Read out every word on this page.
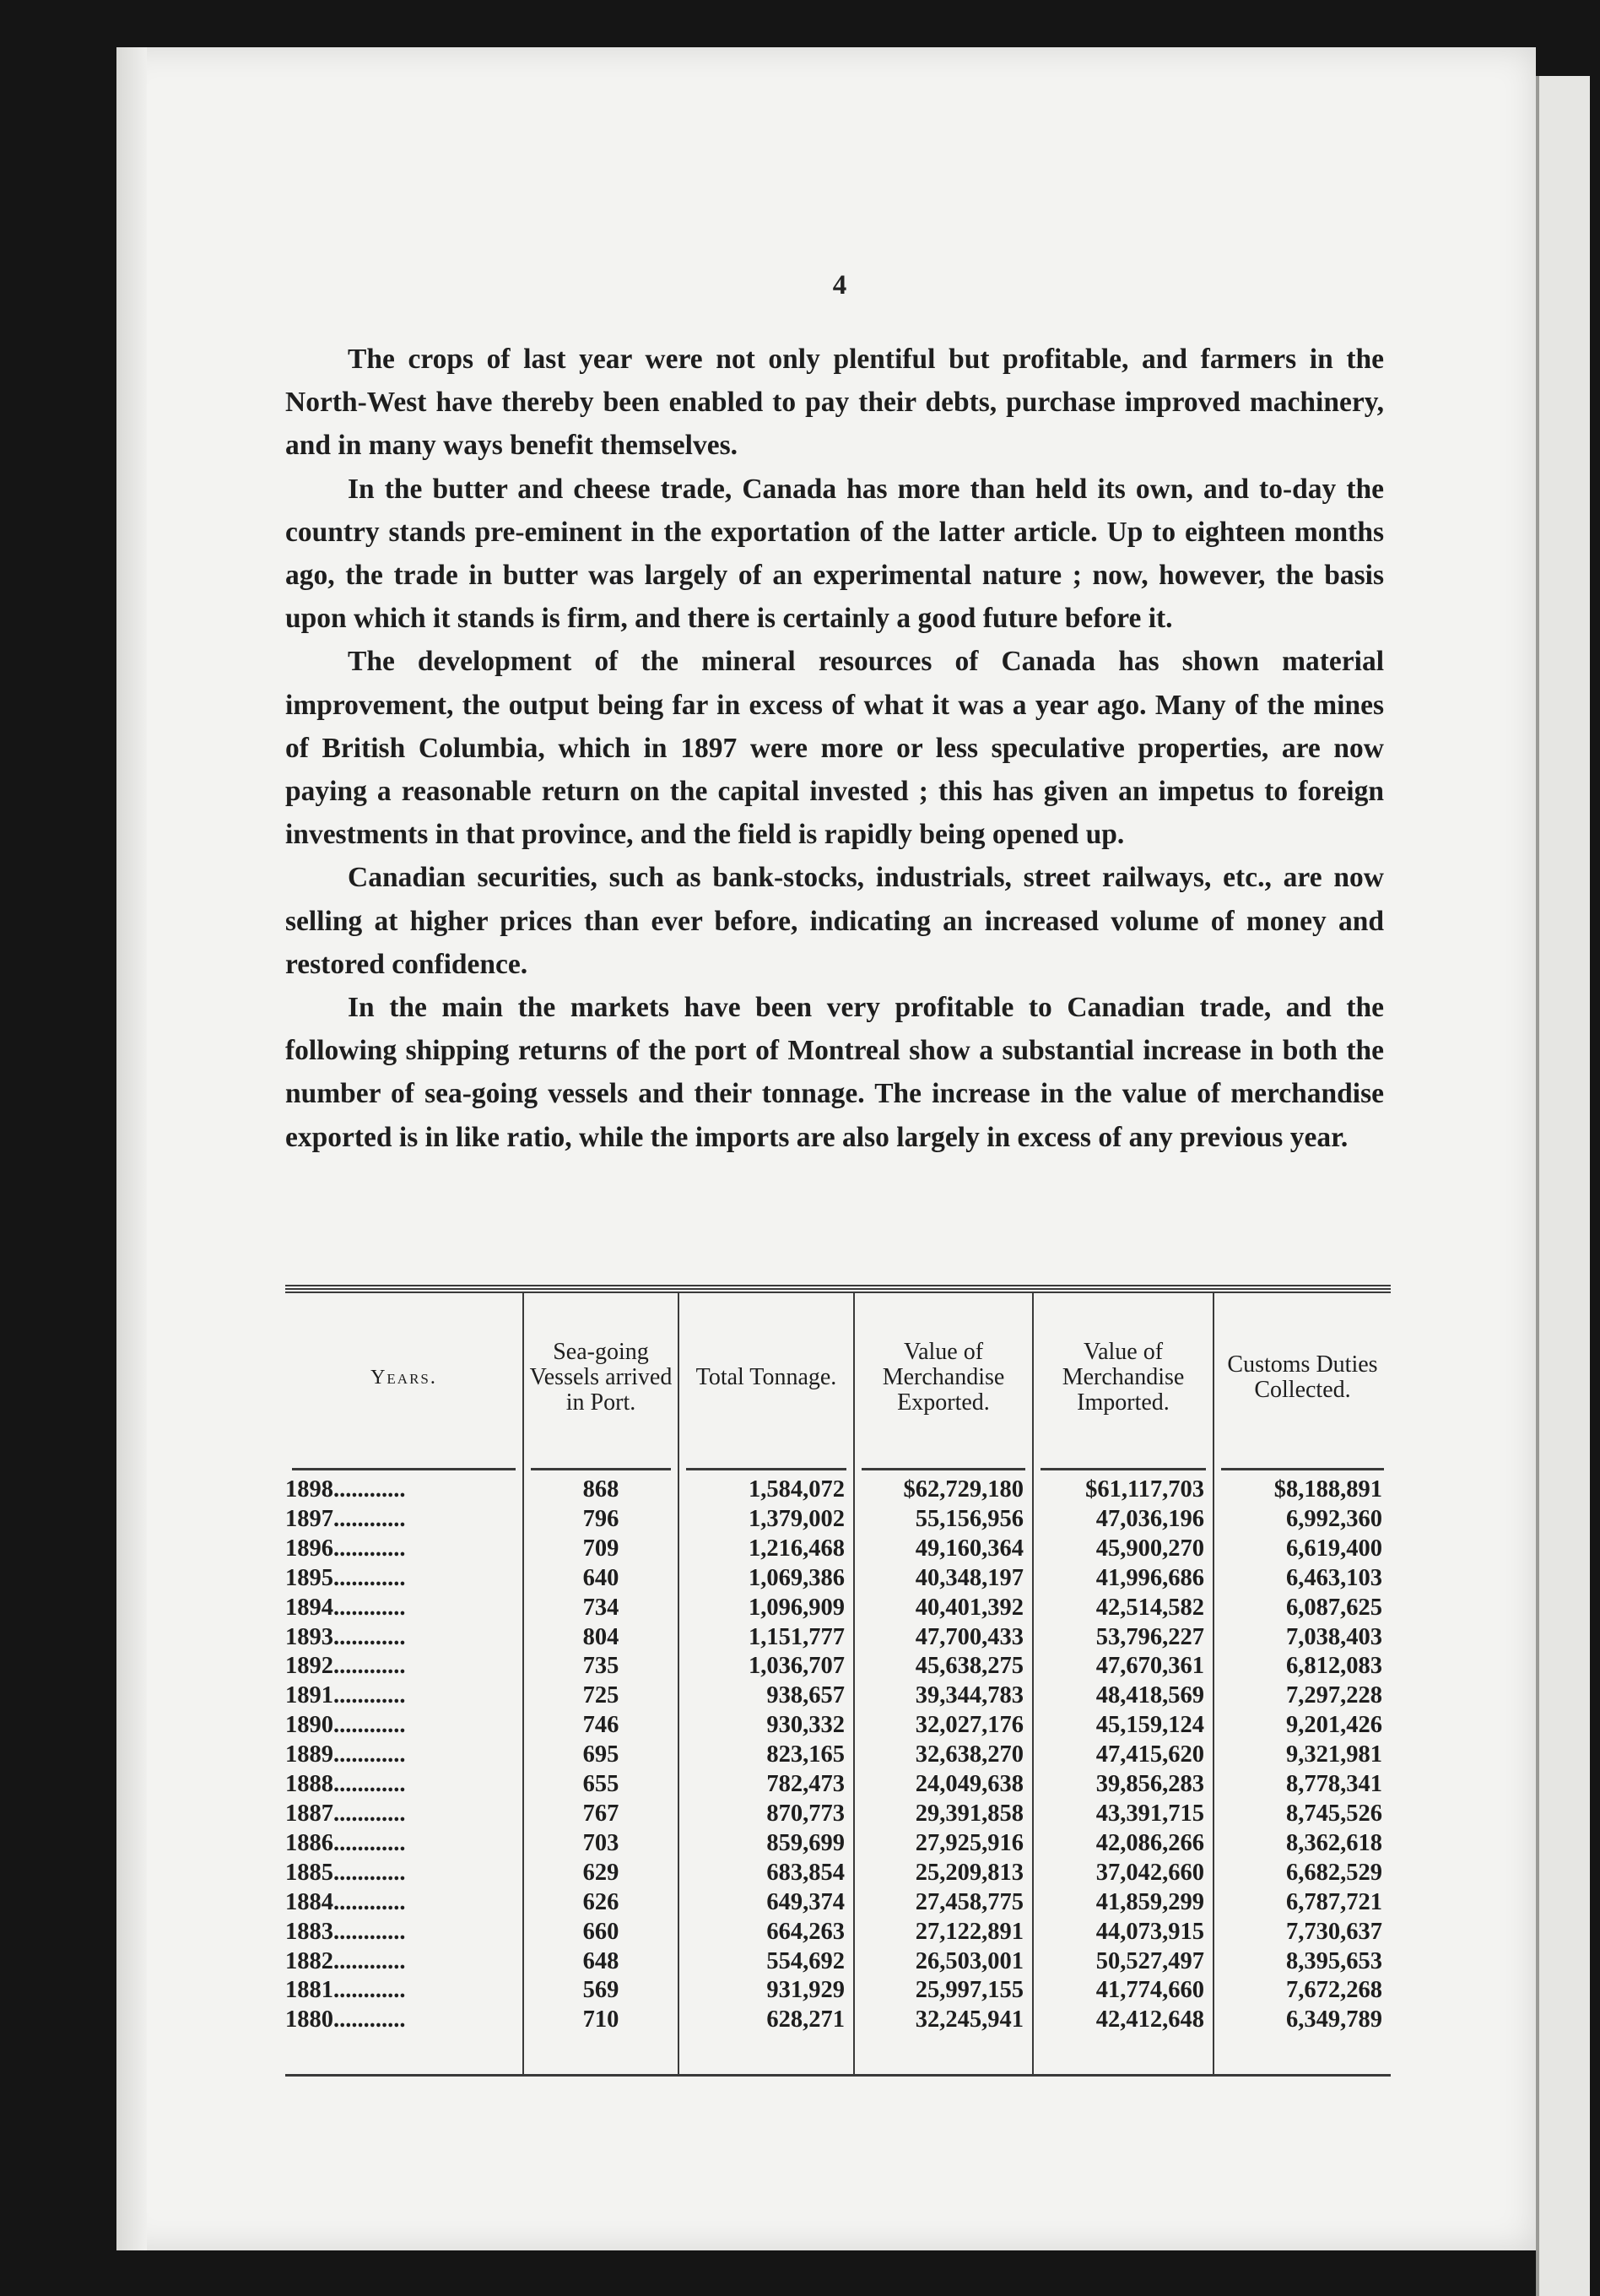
4

The crops of last year were not only plentiful but profitable, and farmers in the North-West have thereby been enabled to pay their debts, purchase improved machinery, and in many ways benefit themselves.

In the butter and cheese trade, Canada has more than held its own, and to-day the country stands pre-eminent in the exportation of the latter article. Up to eighteen months ago, the trade in butter was largely of an experimental nature ; now, however, the basis upon which it stands is firm, and there is certainly a good future before it.

The development of the mineral resources of Canada has shown material improvement, the output being far in excess of what it was a year ago. Many of the mines of British Columbia, which in 1897 were more or less speculative properties, are now paying a reasonable return on the capital invested ; this has given an impetus to foreign investments in that province, and the field is rapidly being opened up.

Canadian securities, such as bank-stocks, industrials, street railways, etc., are now selling at higher prices than ever before, indicating an increased volume of money and restored confidence.

In the main the markets have been very profitable to Canadian trade, and the following shipping returns of the port of Montreal show a substantial increase in both the number of sea-going vessels and their tonnage. The increase in the value of merchandise exported is in like ratio, while the imports are also largely in excess of any previous year.

Years.	Sea-going Vessels arrived in Port.	Total Tonnage.	Value of Merchandise Exported.	Value of Merchandise Imported.	Customs Duties Collected.

1898............	868	1,584,072	$62,729,180	$61,117,703	$8,188,891
1897............	796	1,379,002	55,156,956	47,036,196	6,992,360
1896............	709	1,216,468	49,160,364	45,900,270	6,619,400
1895............	640	1,069,386	40,348,197	41,996,686	6,463,103
1894............	734	1,096,909	40,401,392	42,514,582	6,087,625
1893............	804	1,151,777	47,700,433	53,796,227	7,038,403
1892............	735	1,036,707	45,638,275	47,670,361	6,812,083
1891............	725	938,657	39,344,783	48,418,569	7,297,228
1890............	746	930,332	32,027,176	45,159,124	9,201,426
1889............	695	823,165	32,638,270	47,415,620	9,321,981
1888............	655	782,473	24,049,638	39,856,283	8,778,341
1887............	767	870,773	29,391,858	43,391,715	8,745,526
1886............	703	859,699	27,925,916	42,086,266	8,362,618
1885............	629	683,854	25,209,813	37,042,660	6,682,529
1884............	626	649,374	27,458,775	41,859,299	6,787,721
1883............	660	664,263	27,122,891	44,073,915	7,730,637
1882............	648	554,692	26,503,001	50,527,497	8,395,653
1881............	569	931,929	25,997,155	41,774,660	7,672,268
1880............	710	628,271	32,245,941	42,412,648	6,349,789
